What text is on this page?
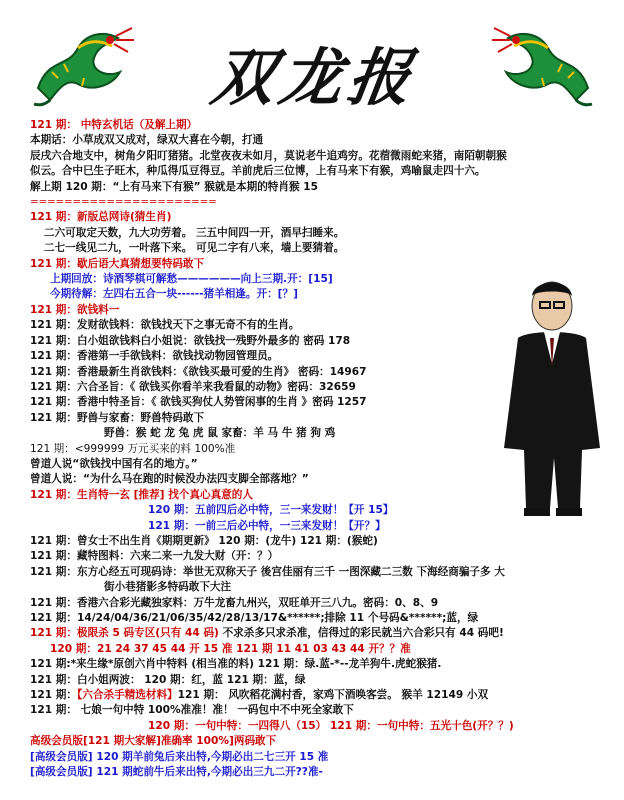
双龙报
121 期： 中特玄机话（及解上期）
本期话：小草成双又成对，绿双大喜在今朝，打通
辰戌六合地支中，树角夕阳叮猪猪。北堂夜夜未如月，莫说老牛追鸡穷。花蓿微雨蛇来猪，南陌朝朝猴
似云。合中巳生子旺木，种瓜得瓜豆得豆。羊前虎后三位博，上有马来下有猴，鸡喻鼠走四十六。
解上期 120 期：“上有马来下有猴” 猴就是本期的特肖猴 15
======================
121 期：新版总网诗(猜生肖)
二六可取定天数，九大功劳着。 三五中间四一开，酒早扫睡来。
二七一线见二九，一叶落下来。 可见二字有八来，墙上要猜着。
121 期：歇后语大真猜想要特码敢下
上期回放：诗酒琴棋可解愁——————向上三期.开：[15]
今期待解：左四右五合一块------猪羊相逢。开：[？]
121 期：欲钱料一
121 期：发财欲钱料：欲钱找天下之事无奇不有的生肖。
121 期：白小姐欲钱料白小姐说：欲钱找一残野外最多的 密码 178
121 期：香港第一手欲钱料：欲钱找动物园管理员。
121 期：香港最新生肖欲钱料：《欲钱买最可爱的生肖》 密码：14967
121 期：六合圣旨：《 欲钱买你看羊来我看鼠的动物》密码：32659
121 期：香港中特圣旨：《 欲钱买狗仗人势管闲事的生肖 》密码 1257
121 期：野兽与家畜：野兽特码敢下
野兽：猴 蛇 龙 兔 虎 鼠 家畜：羊 马 牛 猪 狗 鸡
121 期：<999999 万元买来的料 100%准
曾道人说“欲钱找中国有名的地方。”
曾道人说：“为什么马在跑的时候没办法四支脚全部落地？”
121 期：生肖特一玄 [推荐] 找个真心真意的人
120 期：五前四后必中特，三一来发财！【开 15】
121 期：一前三后必中特，一三来发财！【开？】
121 期：曾女士不出生肖《期期更新》 120 期：(龙牛) 121 期：(猴蛇)
121 期：藏特图料：六来二来一九发大财（开：？）
121 期：东方心经五可现码诗：举世无双称天子 後宫佳丽有三千 一图深藏二三数 下海经商骗子多 大
街小巷猪影多特码敢下大注
121 期：香港六合彩光藏独家料：万牛龙畜九州兴，双旺单开三八九。密码：0、8、9
121 期：14/24/04/36/21/06/35/42/28/13/17&******;排除 11 个号码&******;蓝，绿
121 期：极限杀 5 码专区(只有 44 码) 不求杀多只求杀准，信得过的彩民就当六合彩只有 44 码吧!
120 期：21 24 37 45 44 开 15 准 121 期 11 41 03 43 44 开？？准
121 期:*来生缘*原创六肖中特料 (相当准的料) 121 期：绿.蓝-*--龙羊狗牛.虎蛇猴猪.
121 期：白小姐两波： 120 期：红，蓝 121 期：蓝，绿
121 期：【六合杀手精选材料】121 期： 风吹稻花满村香，家鸡下酒唤客尝。 猴羊 12149 小双
121 期： 七娘一句中特 100%准准！准！ 一码包中不中死全家敢下
120 期：一句中特：一四得八（15） 121 期：一句中特：五光十色(开？？)
高级会员版[121 期大家解]准确率 100%]两码敢下
[高级会员版] 120 期羊前兔后来出特,今期必出二七三开 15 准
[高级会员版] 121 期蛇前牛后来出特,今期必出三九二开??准-
